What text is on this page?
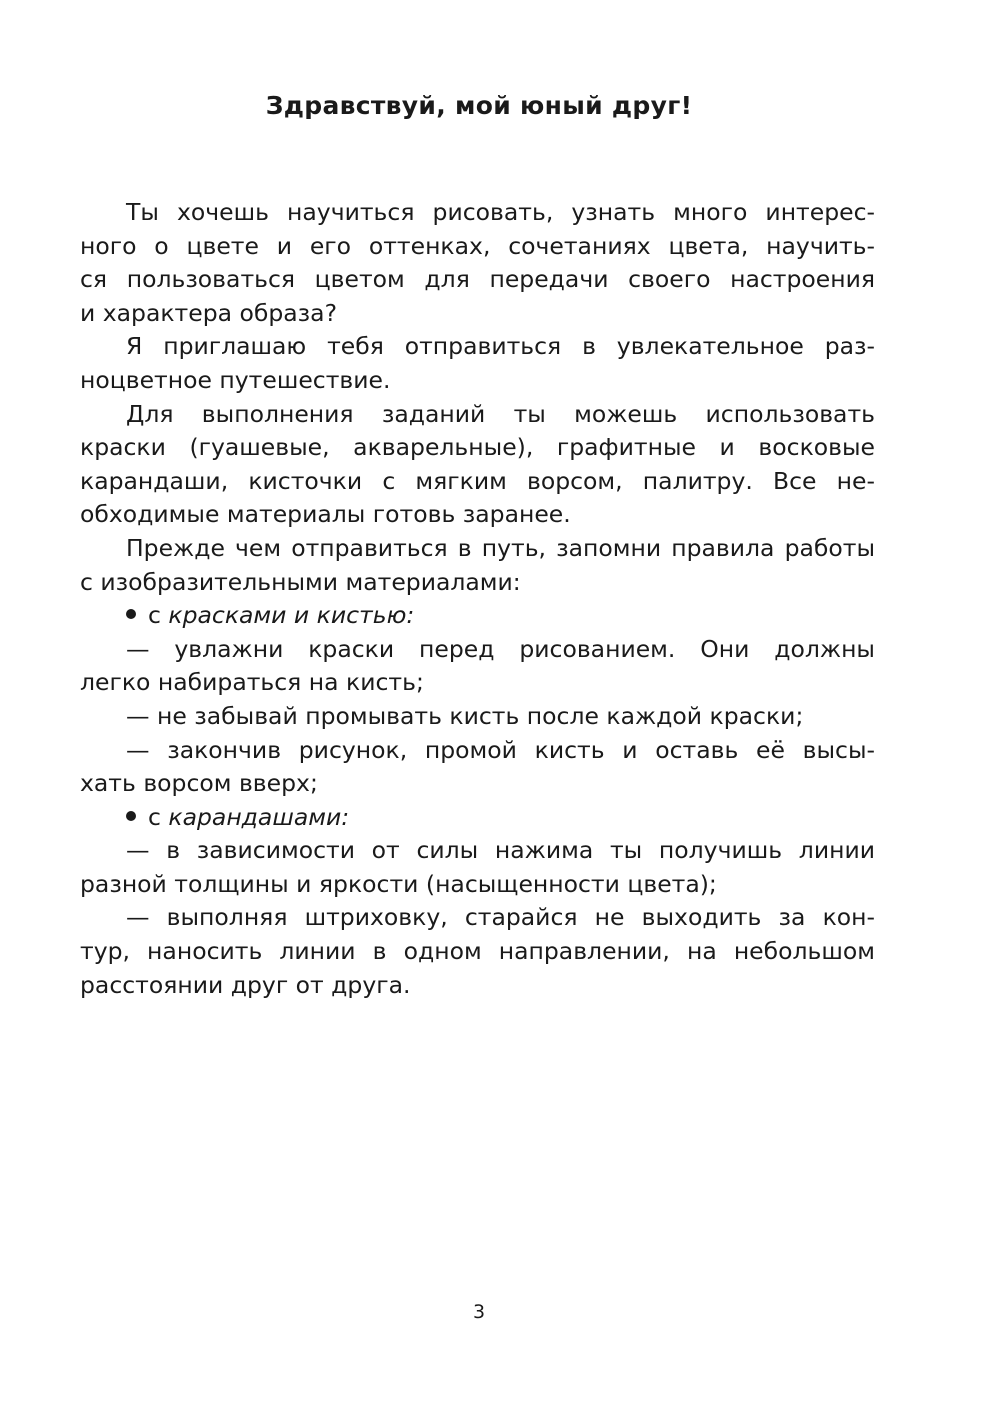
Здравствуй, мой юный друг!
Ты хочешь научиться рисовать, узнать много интерес-
ного о цвете и его оттенках, сочетаниях цвета, научить-
ся пользоваться цветом для передачи своего настроения
и характера образа?
Я приглашаю тебя отправиться в увлекательное раз-
ноцветное путешествие.
Для выполнения заданий ты можешь использовать
краски (гуашевые, акварельные), графитные и восковые
карандаши, кисточки с мягким ворсом, палитру. Все не-
обходимые материалы готовь заранее.
Прежде чем отправиться в путь, запомни правила работы
с изобразительными материалами:
с красками и кистью:
— увлажни краски перед рисованием. Они должны
легко набираться на кисть;
— не забывай промывать кисть после каждой краски;
— закончив рисунок, промой кисть и оставь её высы-
хать ворсом вверх;
с карандашами:
— в зависимости от силы нажима ты получишь линии
разной толщины и яркости (насыщенности цвета);
— выполняя штриховку, старайся не выходить за кон-
тур, наносить линии в одном направлении, на небольшом
расстоянии друг от друга.
3
